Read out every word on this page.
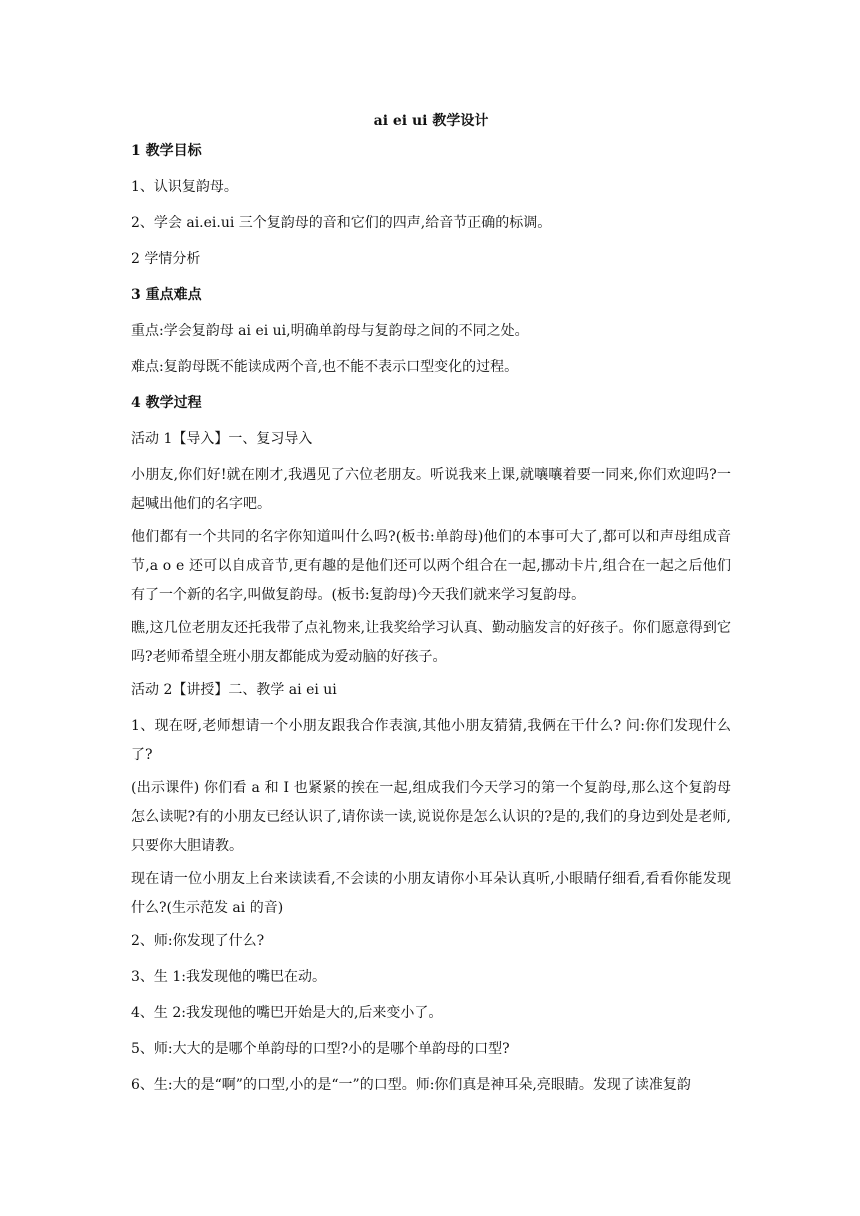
ai ei ui 教学设计
1 教学目标
1、认识复韵母。
2、学会 ai.ei.ui 三个复韵母的音和它们的四声,给音节正确的标调。
2 学情分析
3 重点难点
重点:学会复韵母 ai ei ui,明确单韵母与复韵母之间的不同之处。
难点:复韵母既不能读成两个音,也不能不表示口型变化的过程。
4 教学过程
活动 1【导入】一、复习导入
小朋友,你们好!就在刚才,我遇见了六位老朋友。听说我来上课,就嚷嚷着要一同来,你们欢迎吗?一起喊出他们的名字吧。
他们都有一个共同的名字你知道叫什么吗?(板书:单韵母)他们的本事可大了,都可以和声母组成音节,a o e 还可以自成音节,更有趣的是他们还可以两个组合在一起,挪动卡片,组合在一起之后他们有了一个新的名字,叫做复韵母。(板书:复韵母)今天我们就来学习复韵母。
瞧,这几位老朋友还托我带了点礼物来,让我奖给学习认真、勤动脑发言的好孩子。你们愿意得到它吗?老师希望全班小朋友都能成为爱动脑的好孩子。
活动 2【讲授】二、教学 ai ei ui
1、现在呀,老师想请一个小朋友跟我合作表演,其他小朋友猜猜,我俩在干什么? 问:你们发现什么了?
(出示课件) 你们看 a 和 I 也紧紧的挨在一起,组成我们今天学习的第一个复韵母,那么这个复韵母怎么读呢?有的小朋友已经认识了,请你读一读,说说你是怎么认识的?是的,我们的身边到处是老师,只要你大胆请教。
现在请一位小朋友上台来读读看,不会读的小朋友请你小耳朵认真听,小眼睛仔细看,看看你能发现什么?(生示范发 ai 的音)
2、师:你发现了什么?
3、生 1:我发现他的嘴巴在动。
4、生 2:我发现他的嘴巴开始是大的,后来变小了。
5、师:大大的是哪个单韵母的口型?小的是哪个单韵母的口型?
6、生:大的是“啊”的口型,小的是“一”的口型。师:你们真是神耳朵,亮眼睛。发现了读准复韵
